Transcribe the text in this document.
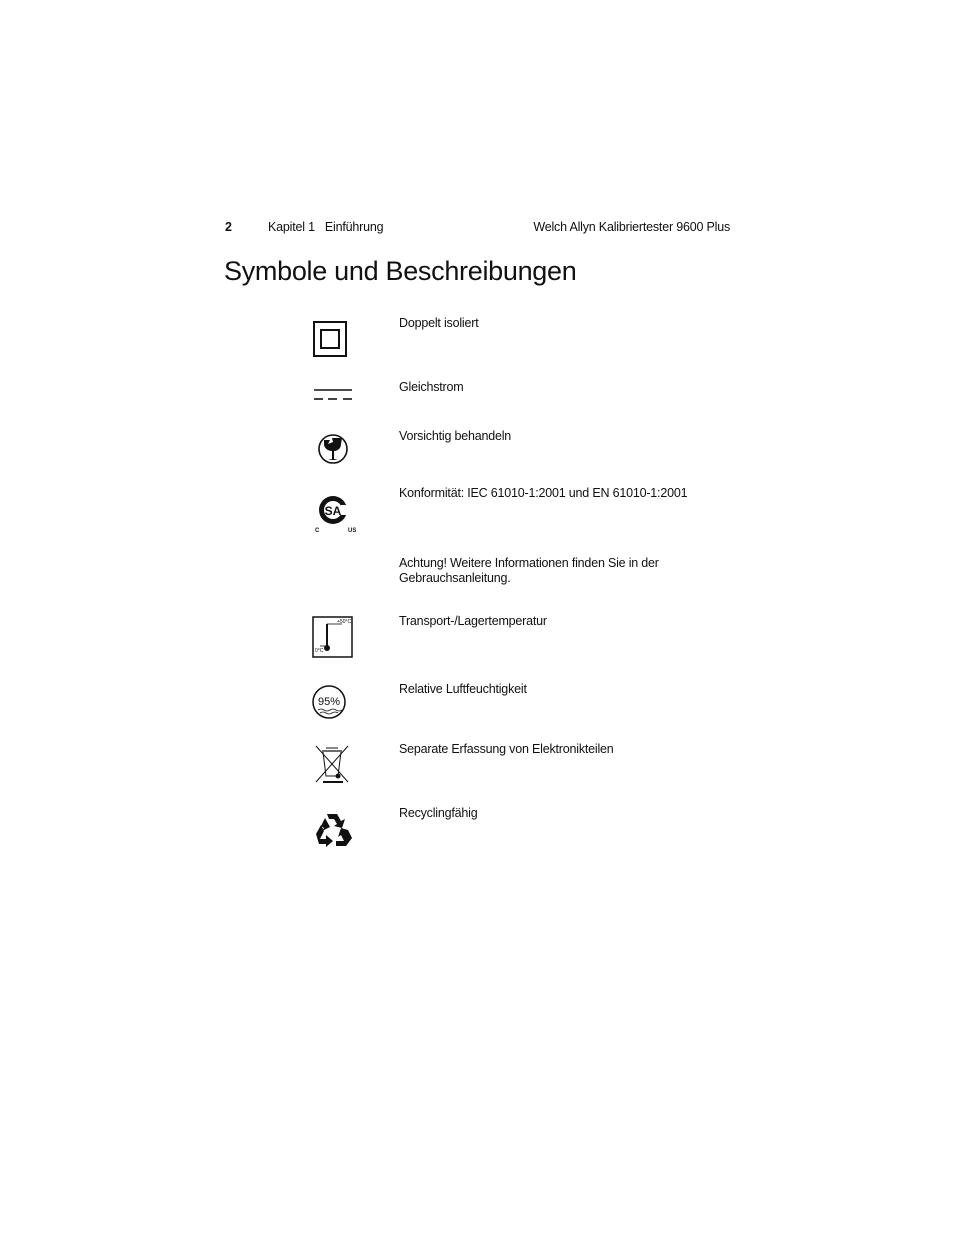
2	Kapitel 1 Einführung	Welch Allyn Kalibriertester 9600 Plus
Symbole und Beschreibungen
Doppelt isoliert
Gleichstrom
Vorsichtig behandeln
SA
C	US
Konformität: IEC 61010-1:2001 und EN 61010-1:2001
Achtung! Weitere Informationen finden Sie in der Gebrauchsanleitung.
+50°C
0°C
Transport-/Lagertemperatur
95%
Relative Luftfeuchtigkeit
Separate Erfassung von Elektronikteilen
Recyclingfähig
